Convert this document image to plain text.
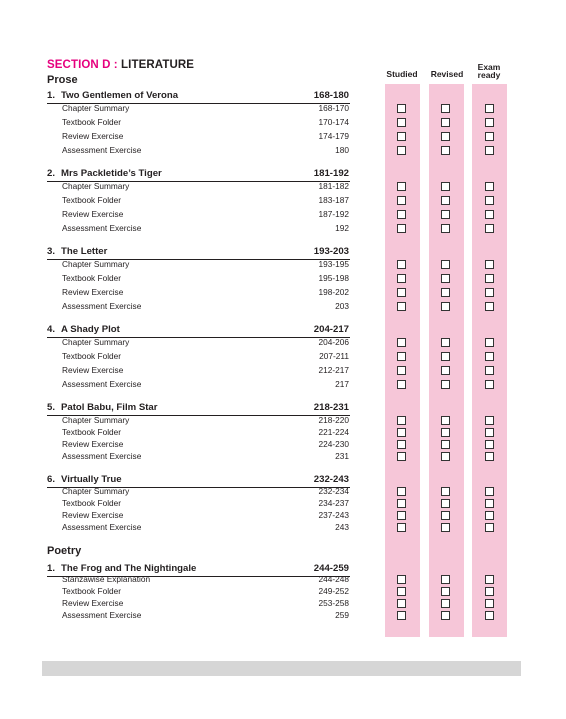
SECTION D : LITERATURE
Prose
Poetry
Studied	Revised
Exam
ready
1. Two Gentlemen of Verona	168-180
Chapter Summary	168-170
Textbook Folder	170-174
Review Exercise	174-179
Assessment Exercise	180
2. Mrs Packletide’s Tiger	181-192
Chapter Summary	181-182
Textbook Folder	183-187
Review Exercise	187-192
Assessment Exercise	192
3. The Letter	193-203
Chapter Summary	193-195
Textbook Folder	195-198
Review Exercise	198-202
Assessment Exercise	203
4. A Shady Plot	204-217
Chapter Summary	204-206
Textbook Folder	207-211
Review Exercise	212-217
Assessment Exercise	217
5. Patol Babu, Film Star	218-231
Chapter Summary	218-220
Textbook Folder	221-224
Review Exercise	224-230
Assessment Exercise	231
6. Virtually True	232-243
Chapter Summary	232-234
Textbook Folder	234-237
Review Exercise	237-243
Assessment Exercise	243
1. The Frog and The Nightingale	244-259
Stanzawise Explanation	244-248
Textbook Folder	249-252
Review Exercise	253-258
Assessment Exercise	259
